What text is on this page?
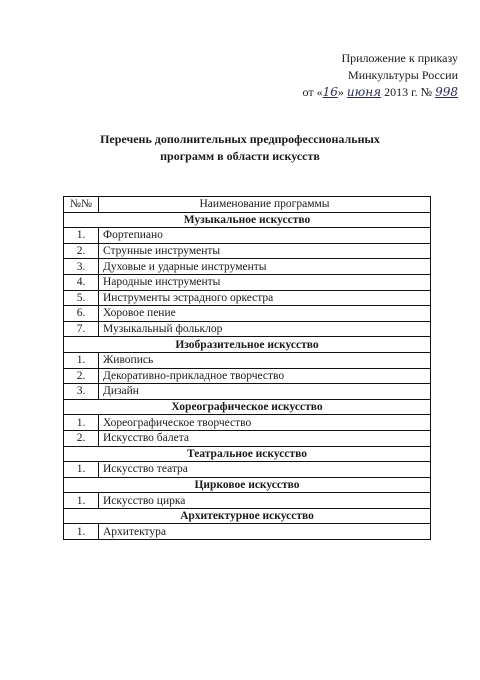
Приложение к приказу
Минкультуры России
от «16» июня 2013 г. № 998
Перечень дополнительных предпрофессиональных
программ в области искусств
№№	Наименование программы
Музыкальное искусство	
1.	Фортепиано
2.	Струнные инструменты
3.	Духовые и ударные инструменты
4.	Народные инструменты
5.	Инструменты эстрадного оркестра
6.	Хоровое пение
7.	Музыкальный фольклор
Изобразительное искусство	
1.	Живопись
2.	Декоративно-прикладное творчество
3.	Дизайн
Хореографическое искусство	
1.	Хореографическое творчество
2.	Искусство балета
Театральное искусство	
1.	Искусство театра
Цирковое искусство	
1.	Искусство цирка
Архитектурное искусство	
1.	Архитектура
